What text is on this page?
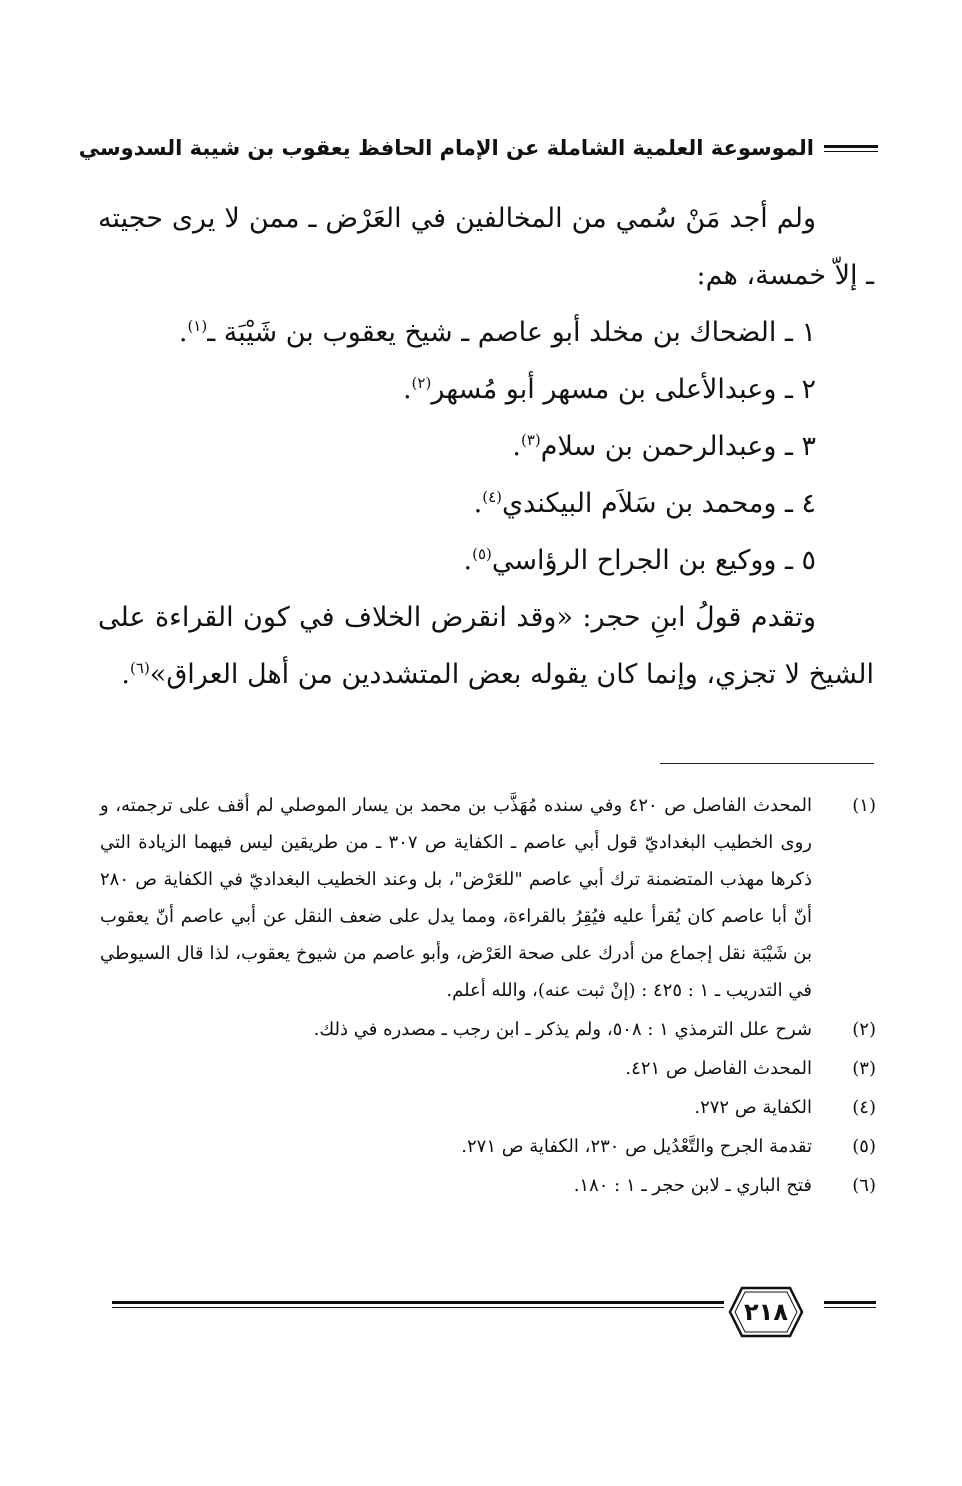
الموسوعة العلمية الشاملة عن الإمام الحافظ يعقوب بن شيبة السدوسي

ولم أجد مَنْ سُمي من المخالفين في العَرْض ـ ممن لا يرى حجيته ـ إلاّ خمسة، هم:

١ ـ الضحاك بن مخلد أبو عاصم ـ شيخ يعقوب بن شَيْبَة ـ$^{(١)}$.

٢ ـ وعبدالأعلى بن مسهر أبو مُسهر$^{(٢)}$.

٣ ـ وعبدالرحمن بن سلام$^{(٣)}$.

٤ ـ ومحمد بن سَلاَم البيكندي$^{(٤)}$.

٥ ـ ووكيع بن الجراح الرؤاسي$^{(٥)}$.

وتقدم قولُ ابنِ حجر: «وقد انقرض الخلاف في كون القراءة على الشيخ لا تجزي، وإنما كان يقوله بعض المتشددين من أهل العراق»$^{(٦)}$.

(١)
المحدث الفاصل ص ٤٢٠ وفي سنده مُهَذَّب بن محمد بن يسار الموصلي لم أقف على ترجمته، و روى الخطيب البغداديّ قول أبي عاصم ـ الكفاية ص ٣٠٧ ـ من طريقين ليس فيهما الزيادة التي ذكرها مهذب المتضمنة ترك أبي عاصم "للعَرْض"، بل وعند الخطيب البغداديّ في الكفاية ص ٢٨٠ أنّ أبا عاصم كان يُقرأ عليه فيُقِرُ بالقراءة، ومما يدل على ضعف النقل عن أبي عاصم أنّ يعقوب بن شَيْبَة نقل إجماع من أدرك على صحة العَرْض، وأبو عاصم من شيوخ يعقوب، لذا قال السيوطي في التدريب ـ ١ : ٤٢٥ : (إنْ ثبت عنه)، والله أعلم.
(٢)
شرح علل الترمذي ١ : ٥٠٨، ولم يذكر ـ ابن رجب ـ مصدره في ذلك.
(٣)
المحدث الفاصل ص ٤٢١.
(٤)
الكفاية ص ٢٧٢.
(٥)
تقدمة الجرح والتَّعْدُيل ص ٢٣٠، الكفاية ص ٢٧١.
(٦)
فتح الباري ـ لابن حجر ـ ١ : ١٨٠.
٢١٨
